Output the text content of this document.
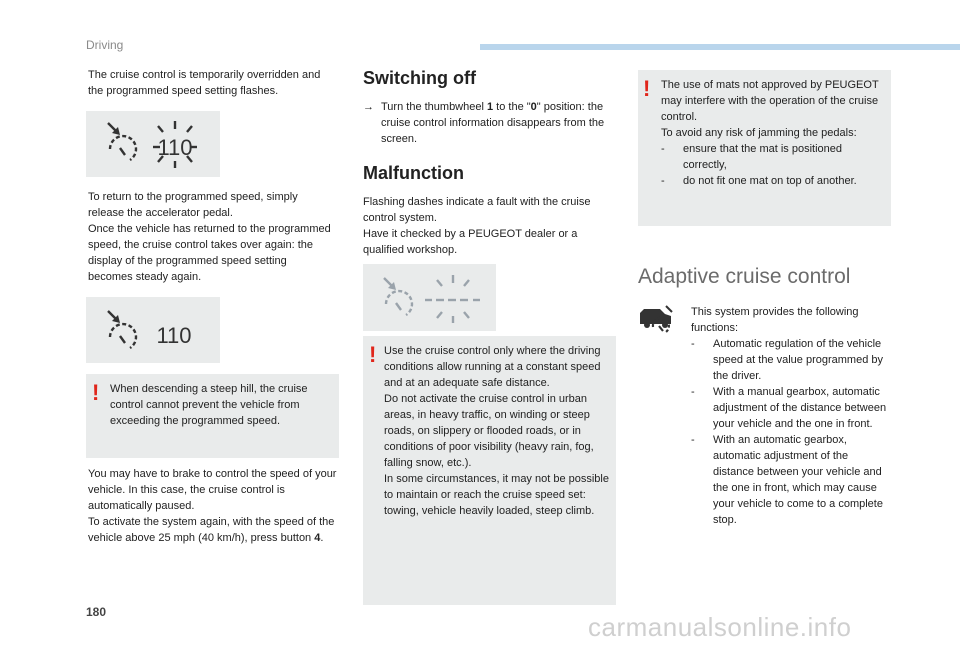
Driving

The cruise control is temporarily overridden and the programmed speed setting flashes.

110

To return to the programmed speed, simply release the accelerator pedal.

Once the vehicle has returned to the programmed speed, the cruise control takes over again: the display of the programmed speed setting becomes steady again.

110
! When descending a steep hill, the cruise control cannot prevent the vehicle from exceeding the programmed speed.

You may have to brake to control the speed of your vehicle. In this case, the cruise control is automatically paused.

To activate the system again, with the speed of the vehicle above 25 mph (40 km/h), press button 4.

Switching off
→ Turn the thumbwheel 1 to the "0" position: the cruise control information disappears from the screen.
Malfunction

Flashing dashes indicate a fault with the cruise control system.

Have it checked by a PEUGEOT dealer or a qualified workshop.

! Use the cruise control only where the driving conditions allow running at a constant speed and at an adequate safe distance.

Do not activate the cruise control in urban areas, in heavy traffic, on winding or steep roads, on slippery or flooded roads, or in conditions of poor visibility (heavy rain, fog, falling snow, etc.).

In some circumstances, it may not be possible to maintain or reach the cruise speed set: towing, vehicle heavily loaded, steep climb.

! The use of mats not approved by PEUGEOT may interfere with the operation of the cruise control.

To avoid any risk of jamming the pedals:

-	ensure that the mat is positioned correctly,
-	do not fit one mat on top of another.
Adaptive cruise control

This system provides the following functions:

-	Automatic regulation of the vehicle speed at the value programmed by the driver.
-	With a manual gearbox, automatic adjustment of the distance between your vehicle and the one in front.
-	With an automatic gearbox, automatic adjustment of the distance between your vehicle and the one in front, which may cause your vehicle to come to a complete stop.
180	carmanualsonline.info
